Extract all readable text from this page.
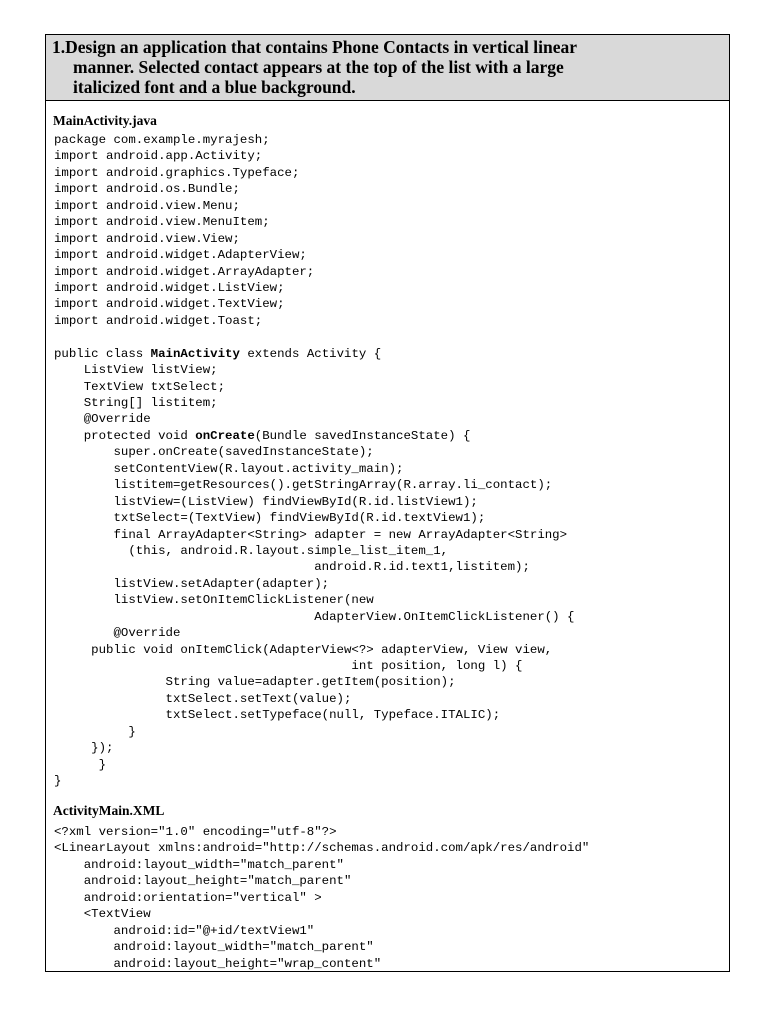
1.Design an application that contains Phone Contacts in vertical linear
manner. Selected contact appears at the top of the list with a large
italicized font and a blue background.
MainActivity.java
package com.example.myrajesh;
import android.app.Activity;
import android.graphics.Typeface;
import android.os.Bundle;
import android.view.Menu;
import android.view.MenuItem;
import android.view.View;
import android.widget.AdapterView;
import android.widget.ArrayAdapter;
import android.widget.ListView;
import android.widget.TextView;
import android.widget.Toast;
public class MainActivity extends Activity {
ListView listView;
TextView txtSelect;
String[] listitem;
@Override
protected void onCreate(Bundle savedInstanceState) {
super.onCreate(savedInstanceState);
setContentView(R.layout.activity_main);
listitem=getResources().getStringArray(R.array.li_contact);
listView=(ListView) findViewById(R.id.listView1);
txtSelect=(TextView) findViewById(R.id.textView1);
final ArrayAdapter<String> adapter = new ArrayAdapter<String>
(this, android.R.layout.simple_list_item_1,
android.R.id.text1,listitem);
listView.setAdapter(adapter);
listView.setOnItemClickListener(new
AdapterView.OnItemClickListener() {
@Override
public void onItemClick(AdapterView<?> adapterView, View view,
int position, long l) {
String value=adapter.getItem(position);
txtSelect.setText(value);
txtSelect.setTypeface(null, Typeface.ITALIC);
}
});
}
}
ActivityMain.XML
<?xml version="1.0" encoding="utf-8"?>
<LinearLayout xmlns:android="http://schemas.android.com/apk/res/android"
android:layout_width="match_parent"
android:layout_height="match_parent"
android:orientation="vertical" >
<TextView
android:id="@+id/textView1"
android:layout_width="match_parent"
android:layout_height="wrap_content"
